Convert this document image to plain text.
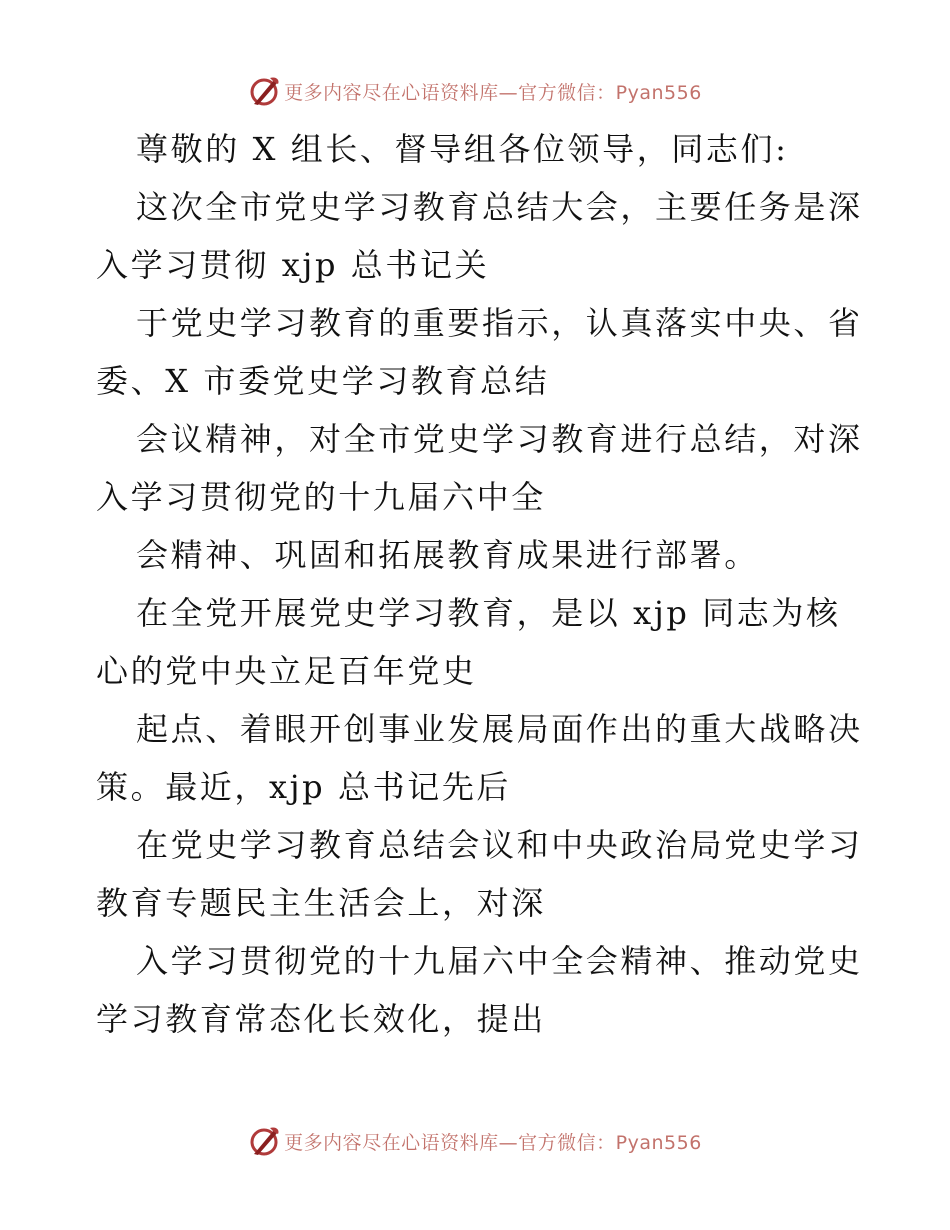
更多内容尽在心语资料库—官方微信：Pyan556
尊敬的 X 组长、督导组各位领导，同志们:
这次全市党史学习教育总结大会，主要任务是深
入学习贯彻 xjp 总书记关
于党史学习教育的重要指示，认真落实中央、省
委、X 市委党史学习教育总结
会议精神，对全市党史学习教育进行总结，对深
入学习贯彻党的十九届六中全
会精神、巩固和拓展教育成果进行部署。
在全党开展党史学习教育，是以 xjp 同志为核
心的党中央立足百年党史
起点、着眼开创事业发展局面作出的重大战略决
策。最近，xjp 总书记先后
在党史学习教育总结会议和中央政治局党史学习
教育专题民主生活会上，对深
入学习贯彻党的十九届六中全会精神、推动党史
学习教育常态化长效化，提出
更多内容尽在心语资料库—官方微信：Pyan556
